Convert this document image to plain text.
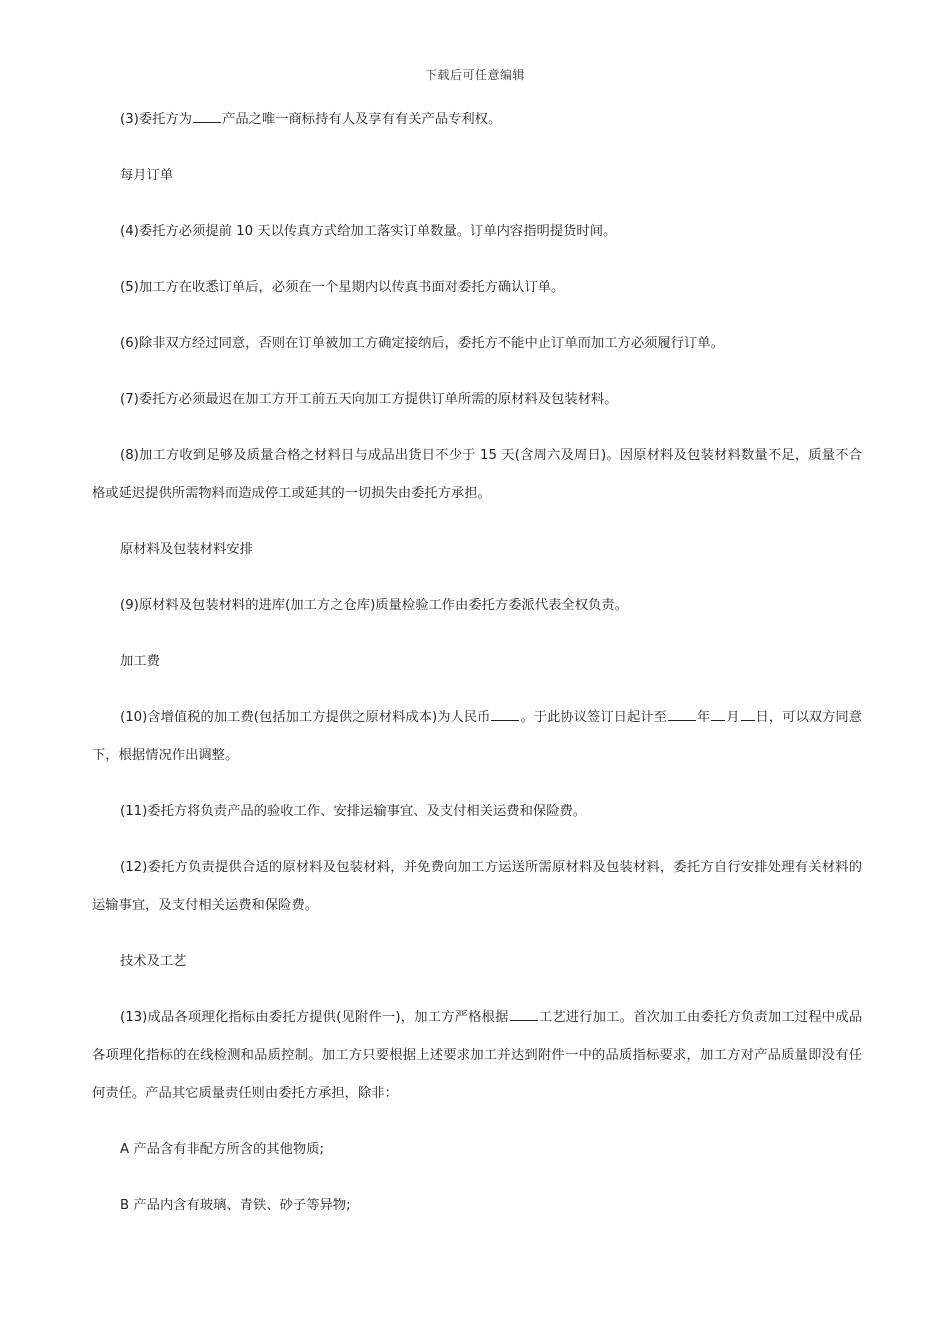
下载后可任意编辑

(3)委托方为 产品之唯一商标持有人及享有有关产品专利权。

每月订单

(4)委托方必须提前 10 天以传真方式给加工落实订单数量。订单内容指明提货时间。

(5)加工方在收悉订单后，必须在一个星期内以传真书面对委托方确认订单。

(6)除非双方经过同意，否则在订单被加工方确定接纳后，委托方不能中止订单而加工方必须履行订单。

(7)委托方必须最迟在加工方开工前五天向加工方提供订单所需的原材料及包装材料。

(8)加工方收到足够及质量合格之材料日与成品出货日不少于 15 天(含周六及周日)。因原材料及包装材料数量不足，质量不合格或延迟提供所需物料而造成停工或延其的一切损失由委托方承担。

原材料及包装材料安排

(9)原材料及包装材料的进库(加工方之仓库)质量检验工作由委托方委派代表全权负责。

加工费

(10)含增值税的加工费(包括加工方提供之原材料成本)为人民币 。于此协议签订日起计至 年 月 日，可以双方同意下，根据情况作出调整。

(11)委托方将负责产品的验收工作、安排运输事宜、及支付相关运费和保险费。

(12)委托方负责提供合适的原材料及包装材料，并免费向加工方运送所需原材料及包装材料，委托方自行安排处理有关材料的运输事宜，及支付相关运费和保险费。

技术及工艺

(13)成品各项理化指标由委托方提供(见附件一)，加工方严格根据 工艺进行加工。首次加工由委托方负责加工过程中成品各项理化指标的在线检测和品质控制。加工方只要根据上述要求加工并达到附件一中的品质指标要求，加工方对产品质量即没有任何责任。产品其它质量责任则由委托方承担，除非：

A 产品含有非配方所含的其他物质;

B 产品内含有玻璃、青铁、砂子等异物;
